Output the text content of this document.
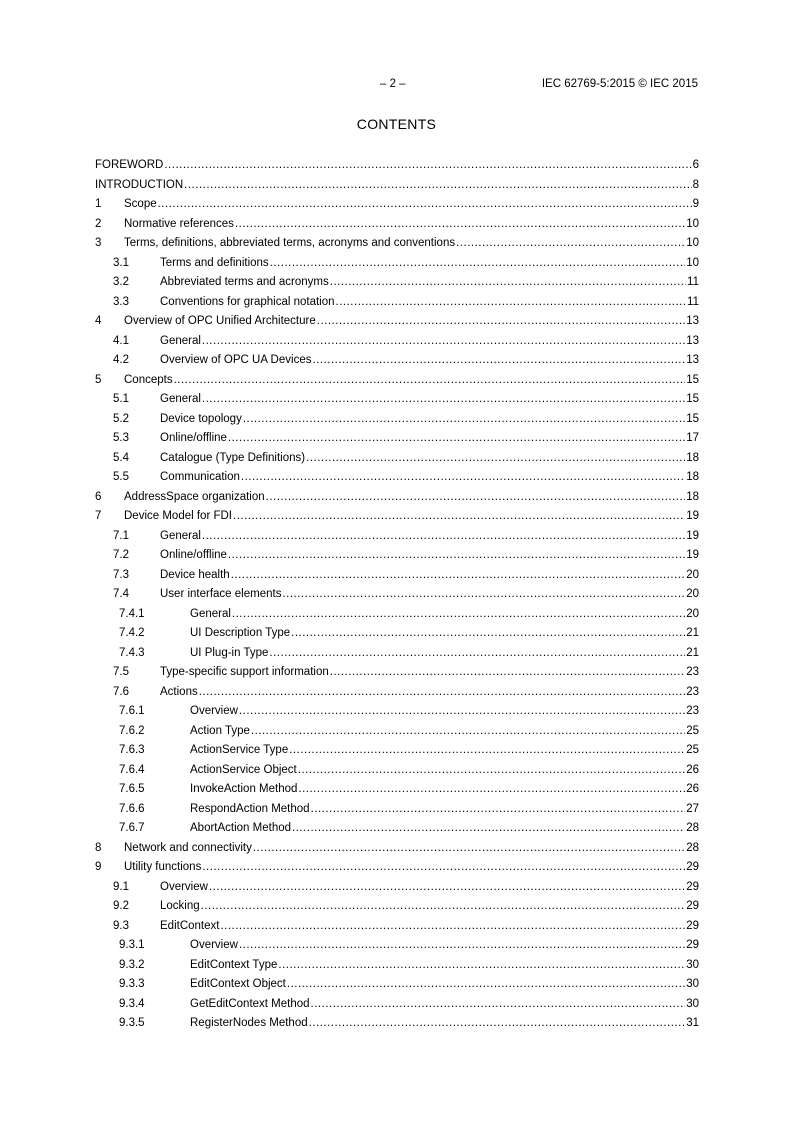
– 2 –	IEC 62769-5:2015 © IEC 2015
CONTENTS
FOREWORD .....	6
INTRODUCTION .....	8
1	Scope .....	9
2	Normative references .....	10
3	Terms, definitions, abbreviated terms, acronyms and conventions .....	10
3.1	Terms and definitions .....	10
3.2	Abbreviated terms and acronyms .....	11
3.3	Conventions for graphical notation .....	11
4	Overview of OPC Unified Architecture .....	13
4.1	General .....	13
4.2	Overview of OPC UA Devices .....	13
5	Concepts .....	15
5.1	General .....	15
5.2	Device topology .....	15
5.3	Online/offline .....	17
5.4	Catalogue (Type Definitions) .....	18
5.5	Communication .....	18
6	AddressSpace organization .....	18
7	Device Model for FDI .....	19
7.1	General .....	19
7.2	Online/offline .....	19
7.3	Device health .....	20
7.4	User interface elements .....	20
7.4.1	General .....	20
7.4.2	UI Description Type .....	21
7.4.3	UI Plug-in Type .....	21
7.5	Type-specific support information .....	23
7.6	Actions .....	23
7.6.1	Overview .....	23
7.6.2	Action Type .....	25
7.6.3	ActionService Type .....	25
7.6.4	ActionService Object .....	26
7.6.5	InvokeAction Method .....	26
7.6.6	RespondAction Method .....	27
7.6.7	AbortAction Method .....	28
8	Network and connectivity .....	28
9	Utility functions .....	29
9.1	Overview .....	29
9.2	Locking .....	29
9.3	EditContext .....	29
9.3.1	Overview .....	29
9.3.2	EditContext Type .....	30
9.3.3	EditContext Object .....	30
9.3.4	GetEditContext Method .....	30
9.3.5	RegisterNodes Method .....	31
